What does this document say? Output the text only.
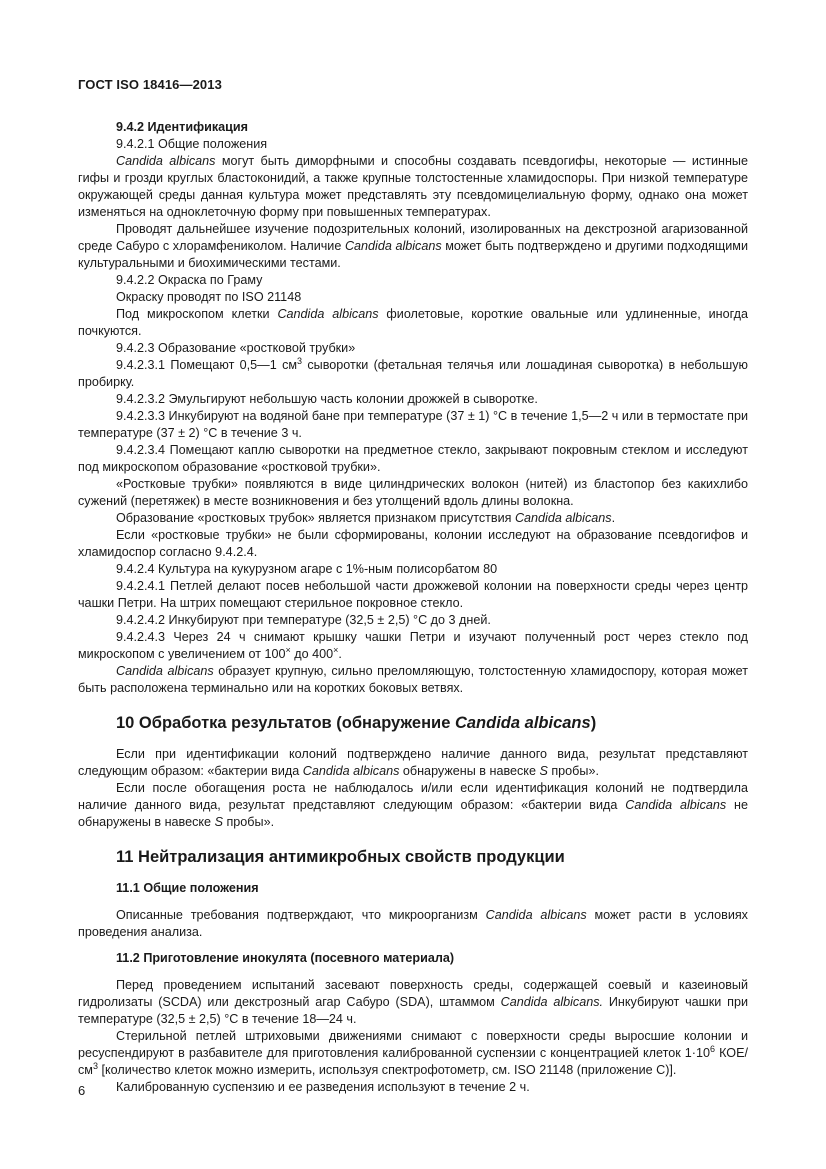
ГОСТ ISO 18416—2013

9.4.2 Идентификация

9.4.2.1 Общие положения

Candida albicans могут быть диморфными и способны создавать псевдогифы, некоторые — истинные гифы и грозди круглых бластоконидий, а также крупные толстостенные хламидоспоры. При низкой температуре окружающей среды данная культура может представлять эту псевдомицелиальную форму, однако она может изменяться на одноклеточную форму при повышенных температурах.

Проводят дальнейшее изучение подозрительных колоний, изолированных на декстрозной агаризованной среде Сабуро с хлорамфениколом. Наличие Candida albicans может быть подтверждено и другими подходящими культуральными и биохимическими тестами.

9.4.2.2 Окраска по Граму

Окраску проводят по ISO 21148

Под микроскопом клетки Candida albicans фиолетовые, короткие овальные или удлиненные, иногда почкуются.

9.4.2.3 Образование «ростковой трубки»

9.4.2.3.1 Помещают 0,5—1 $см^3$ сыворотки (фетальная телячья или лошадиная сыворотка) в небольшую пробирку.

9.4.2.3.2 Эмульгируют небольшую часть колонии дрожжей в сыворотке.

9.4.2.3.3 Инкубируют на водяной бане при температуре (37 ± 1) °C в течение 1,5—2 ч или в термостате при температуре (37 ± 2) °C в течение 3 ч.

9.4.2.3.4 Помещают каплю сыворотки на предметное стекло, закрывают покровным стеклом и исследуют под микроскопом образование «ростковой трубки».

«Ростковые трубки» появляются в виде цилиндрических волокон (нитей) из бластопор без какихлибо сужений (перетяжек) в месте возникновения и без утолщений вдоль длины волокна.

Образование «ростковых трубок» является признаком присутствия Candida albicans.

Если «ростковые трубки» не были сформированы, колонии исследуют на образование псевдогифов и хламидоспор согласно 9.4.2.4.

9.4.2.4 Культура на кукурузном агаре с 1%-ным полисорбатом 80

9.4.2.4.1 Петлей делают посев небольшой части дрожжевой колонии на поверхности среды через центр чашки Петри. На штрих помещают стерильное покровное стекло.

9.4.2.4.2 Инкубируют при температуре (32,5 ± 2,5) °C до 3 дней.

9.4.2.4.3 Через 24 ч снимают крышку чашки Петри и изучают полученный рост через стекло под микроскопом с увеличением от 100× до 400×.

Candida albicans образует крупную, сильно преломляющую, толстостенную хламидоспору, которая может быть расположена терминально или на коротких боковых ветвях.

10 Обработка результатов (обнаружение Candida albicans)

Если при идентификации колоний подтверждено наличие данного вида, результат представляют следующим образом: «бактерии вида Candida albicans обнаружены в навеске S пробы».

Если после обогащения роста не наблюдалось и/или если идентификация колоний не подтвердила наличие данного вида, результат представляют следующим образом: «бактерии вида Candida albicans не обнаружены в навеске S пробы».

11 Нейтрализация антимикробных свойств продукции

11.1 Общие положения

Описанные требования подтверждают, что микроорганизм Candida albicans может расти в условиях проведения анализа.

11.2 Приготовление инокулята (посевного материала)

Перед проведением испытаний засевают поверхность среды, содержащей соевый и казеиновый гидролизаты (SCDA) или декстрозный агар Сабуро (SDA), штаммом Candida albicans. Инкубируют чашки при температуре (32,5 ± 2,5) °C в течение 18—24 ч.

Стерильной петлей штриховыми движениями снимают с поверхности среды выросшие колонии и ресуспендируют в разбавителе для приготовления калиброванной суспензии с концентрацией клеток $1\cdot 10^6$ КОЕ/$см^3$ [количество клеток можно измерить, используя спектрофотометр, см. ISO 21148 (приложение С)].

Калиброванную суспензию и ее разведения используют в течение 2 ч.

6
